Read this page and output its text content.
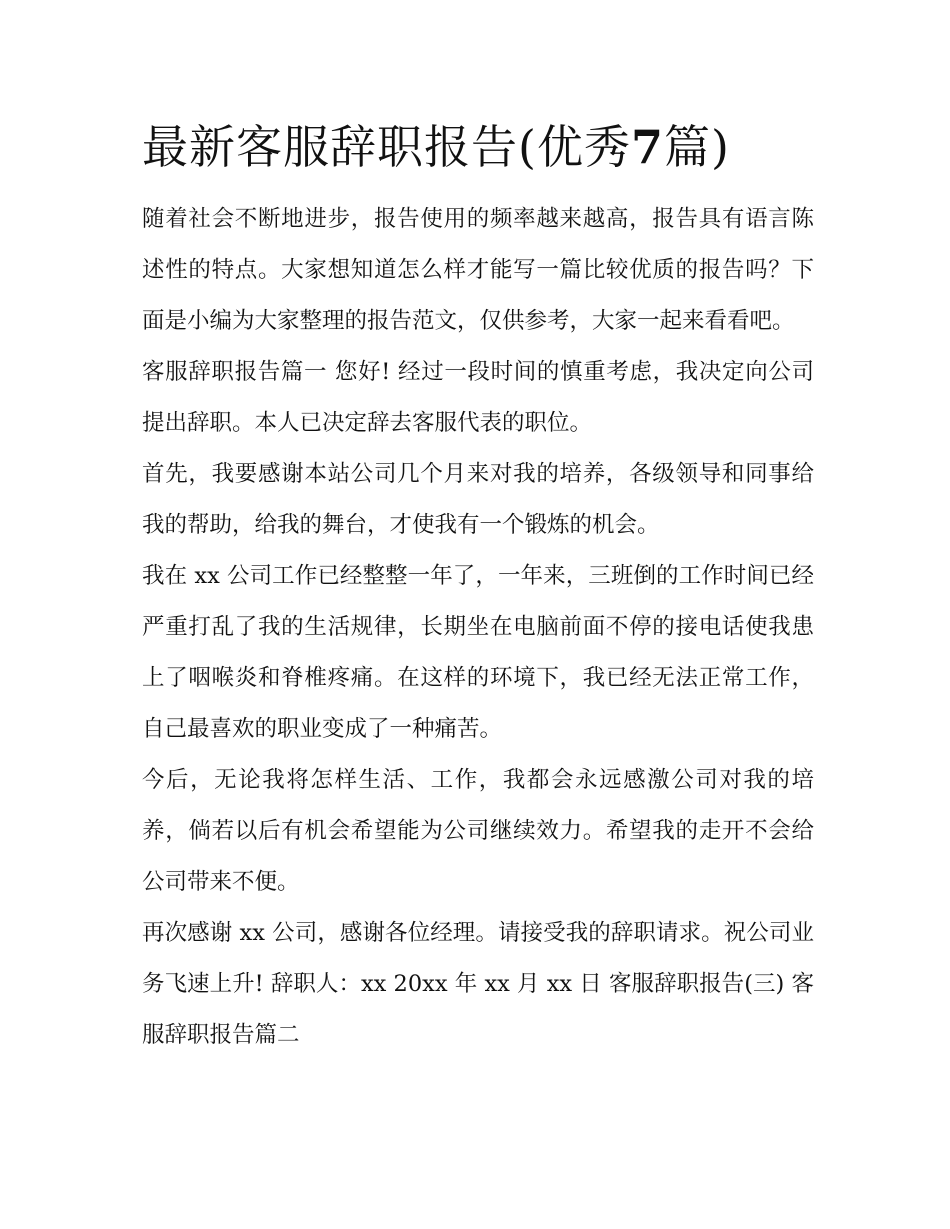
最新客服辞职报告(优秀7篇)

随着社会不断地进步，报告使用的频率越来越高，报告具有语言陈述性的特点。大家想知道怎么样才能写一篇比较优质的报告吗？下面是小编为大家整理的报告范文，仅供参考，大家一起来看看吧。

客服辞职报告篇一 您好! 经过一段时间的慎重考虑，我决定向公司提出辞职。本人已决定辞去客服代表的职位。

首先，我要感谢本站公司几个月来对我的培养，各级领导和同事给我的帮助，给我的舞台，才使我有一个锻炼的机会。

我在 xx 公司工作已经整整一年了，一年来，三班倒的工作时间已经严重打乱了我的生活规律，长期坐在电脑前面不停的接电话使我患上了咽喉炎和脊椎疼痛。在这样的环境下，我已经无法正常工作，自己最喜欢的职业变成了一种痛苦。

今后，无论我将怎样生活、工作，我都会永远感激公司对我的培养，倘若以后有机会希望能为公司继续效力。希望我的走开不会给公司带来不便。

再次感谢 xx 公司，感谢各位经理。请接受我的辞职请求。祝公司业务飞速上升! 辞职人：xx 20xx 年 xx 月 xx 日 客服辞职报告(三) 客服辞职报告篇二
